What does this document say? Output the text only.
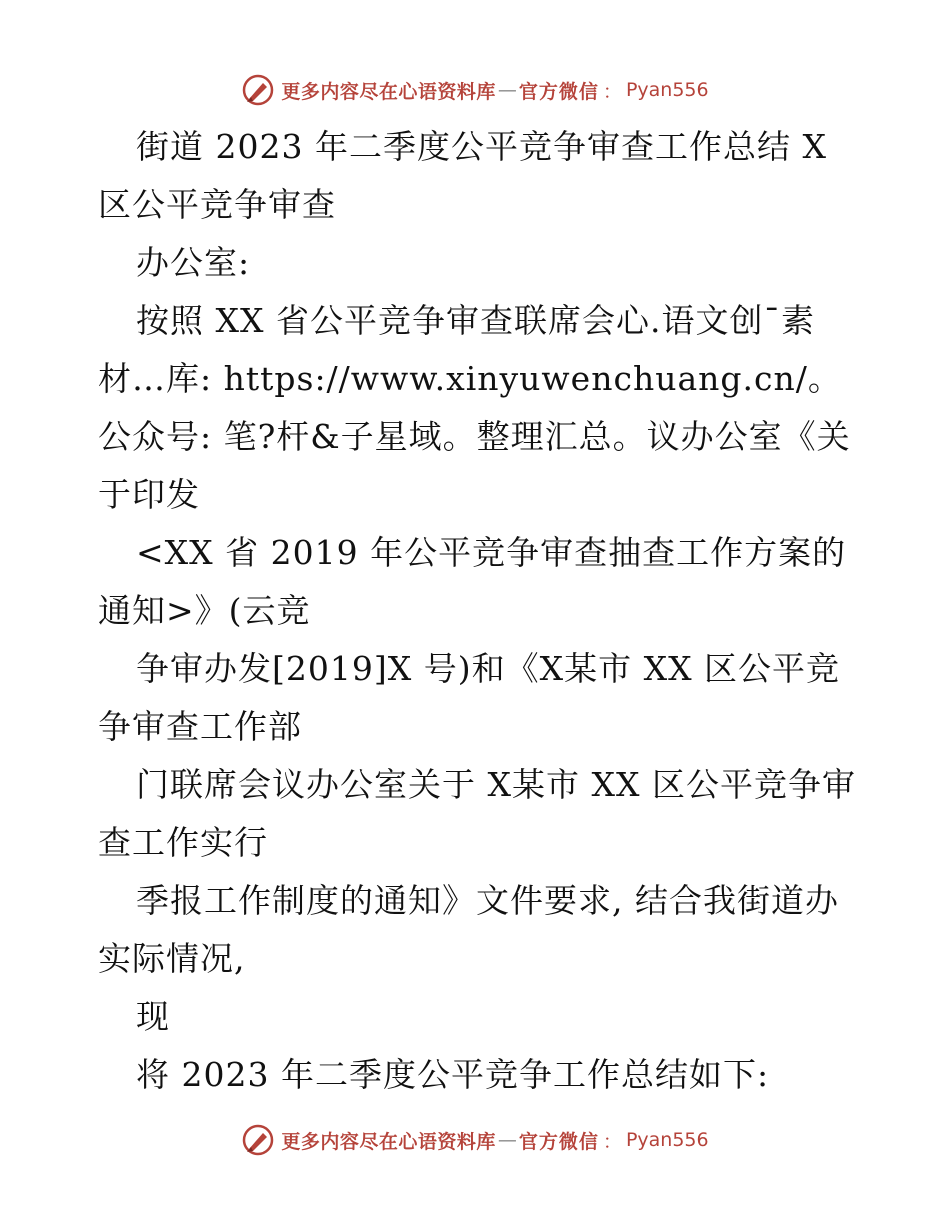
更多内容尽在心语资料库 — 官方微信 ： Pyan556

街道 2023 年二季度公平竞争审查工作总结 X 区公平竞争审查

办公室:

按照 XX 省公平竞争审查联席会心.语文创¯素材…库: https://www.xinyuwenchuang.cn/。公众号: 笔?杆&子星域。整理汇总。议办公室《关于印发

<XX 省 2019 年公平竞争审查抽查工作方案的通知>》(云竞

争审办发[2019]X 号)和《X某市 XX 区公平竞争审查工作部

门联席会议办公室关于 X某市 XX 区公平竞争审查工作实行

季报工作制度的通知》文件要求, 结合我街道办实际情况,

现

将 2023 年二季度公平竞争工作总结如下:

更多内容尽在心语资料库 — 官方微信 ： Pyan556
